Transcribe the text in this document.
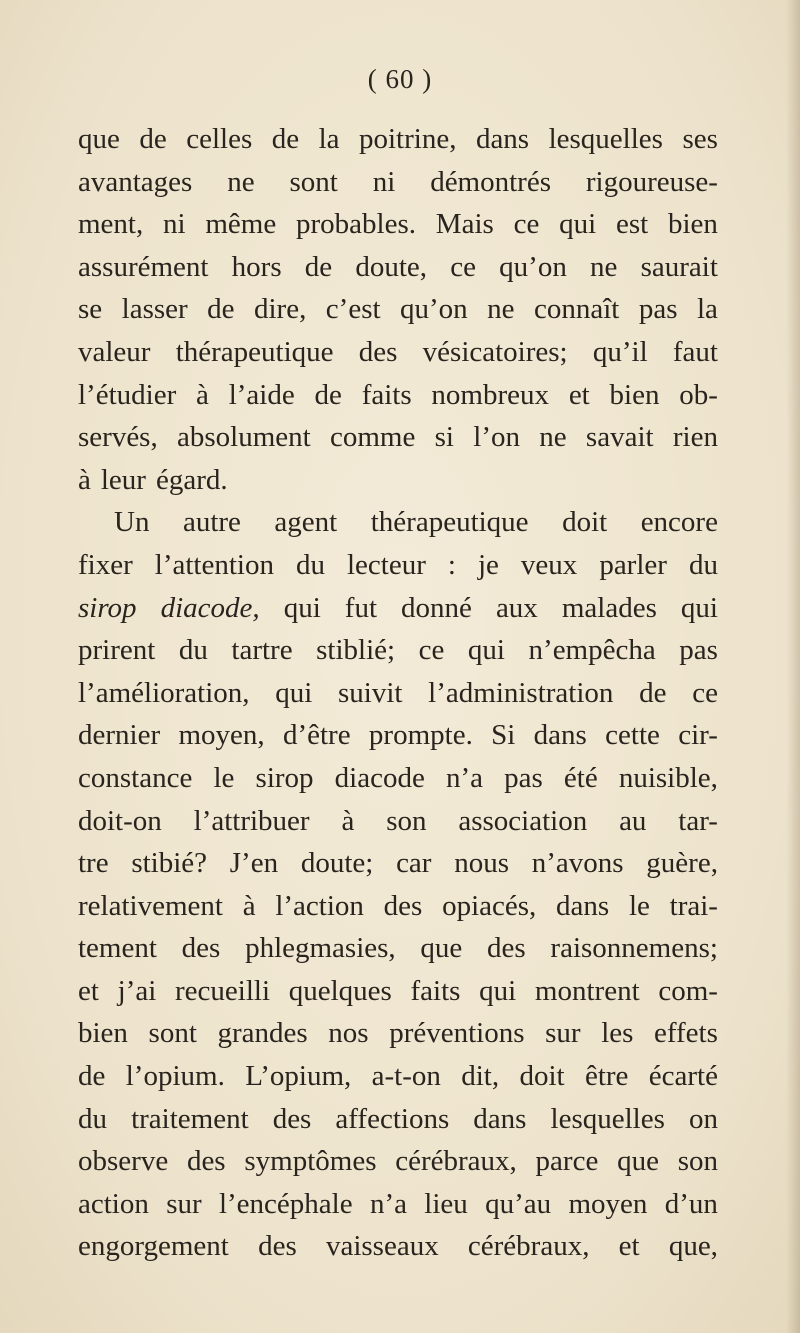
( 60 )
que de celles de la poitrine, dans lesquelles ses
avantages ne sont ni démontrés rigoureuse-
ment, ni même probables. Mais ce qui est bien
assurément hors de doute, ce qu’on ne saurait
se lasser de dire, c’est qu’on ne connaît pas la
valeur thérapeutique des vésicatoires; qu’il faut
l’étudier à l’aide de faits nombreux et bien ob-
servés, absolument comme si l’on ne savait rien
à leur égard.
Un autre agent thérapeutique doit encore
fixer l’attention du lecteur : je veux parler du
sirop diacode, qui fut donné aux malades qui
prirent du tartre stiblié; ce qui n’empêcha pas
l’amélioration, qui suivit l’administration de ce
dernier moyen, d’être prompte. Si dans cette cir-
constance le sirop diacode n’a pas été nuisible,
doit-on l’attribuer à son association au tar-
tre stibié? J’en doute; car nous n’avons guère,
relativement à l’action des opiacés, dans le trai-
tement des phlegmasies, que des raisonnemens;
et j’ai recueilli quelques faits qui montrent com-
bien sont grandes nos préventions sur les effets
de l’opium. L’opium, a-t-on dit, doit être écarté
du traitement des affections dans lesquelles on
observe des symptômes cérébraux, parce que son
action sur l’encéphale n’a lieu qu’au moyen d’un
engorgement des vaisseaux cérébraux, et que,
